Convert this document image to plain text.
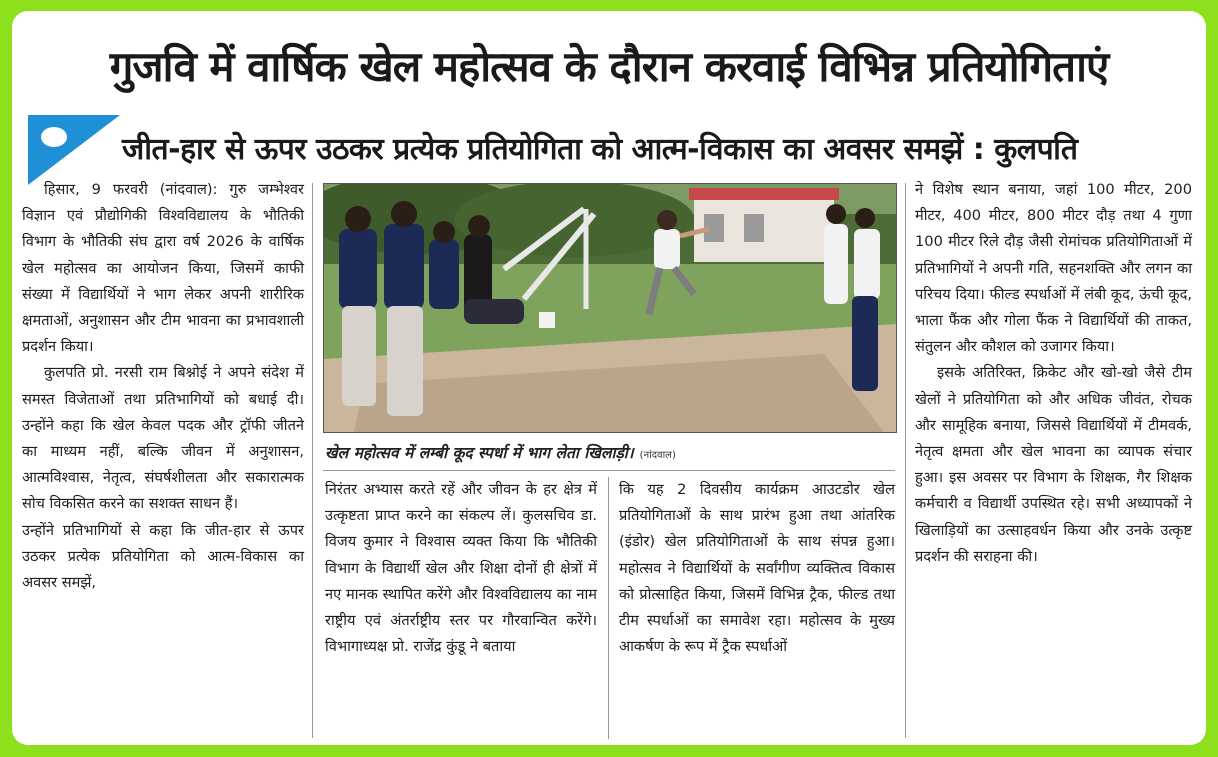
गुजवि में वार्षिक खेल महोत्सव के दौरान करवाई विभिन्न प्रतियोगिताएं
जीत-हार से ऊपर उठकर प्रत्येक प्रतियोगिता को आत्म-विकास का अवसर समझें : कुलपति

हिसार, 9 फरवरी (नांदवाल): गुरु जम्भेश्वर विज्ञान एवं प्रौद्योगिकी विश्वविद्यालय के भौतिकी विभाग के भौतिकी संघ द्वारा वर्ष 2026 के वार्षिक खेल महोत्सव का आयोजन किया, जिसमें काफी संख्या में विद्यार्थियों ने भाग लेकर अपनी शारीरिक क्षमताओं, अनुशासन और टीम भावना का प्रभावशाली प्रदर्शन किया।

कुलपति प्रो. नरसी राम बिश्नोई ने अपने संदेश में समस्त विजेताओं तथा प्रतिभागियों को बधाई दी। उन्होंने कहा कि खेल केवल पदक और ट्रॉफी जीतने का माध्यम नहीं, बल्कि जीवन में अनुशासन, आत्मविश्वास, नेतृत्व, संघर्षशीलता और सकारात्मक सोच विकसित करने का सशक्त साधन हैं।

उन्होंने प्रतिभागियों से कहा कि जीत-हार से ऊपर उठकर प्रत्येक प्रतियोगिता को आत्म-विकास का अवसर समझें,

खेल महोत्सव में लम्बी कूद स्पर्धा में भाग लेता खिलाड़ी। (नांदवाल)

निरंतर अभ्यास करते रहें और जीवन के हर क्षेत्र में उत्कृष्टता प्राप्त करने का संकल्प लें। कुलसचिव डा. विजय कुमार ने विश्वास व्यक्त किया कि भौतिकी विभाग के विद्यार्थी खेल और शिक्षा दोनों ही क्षेत्रों में नए मानक स्थापित करेंगे और विश्वविद्यालय का नाम राष्ट्रीय एवं अंतर्राष्ट्रीय स्तर पर गौरवान्वित करेंगे। विभागाध्यक्ष प्रो. राजेंद्र कुंडू ने बताया

कि यह 2 दिवसीय कार्यक्रम आउटडोर खेल प्रतियोगिताओं के साथ प्रारंभ हुआ तथा आंतरिक (इंडोर) खेल प्रतियोगिताओं के साथ संपन्न हुआ। महोत्सव ने विद्यार्थियों के सर्वांगीण व्यक्तित्व विकास को प्रोत्साहित किया, जिसमें विभिन्न ट्रैक, फील्ड तथा टीम स्पर्धाओं का समावेश रहा। महोत्सव के मुख्य आकर्षण के रूप में ट्रैक स्पर्धाओं

ने विशेष स्थान बनाया, जहां 100 मीटर, 200 मीटर, 400 मीटर, 800 मीटर दौड़ तथा 4 गुणा 100 मीटर रिले दौड़ जैसी रोमांचक प्रतियोगिताओं में प्रतिभागियों ने अपनी गति, सहनशक्ति और लगन का परिचय दिया। फील्ड स्पर्धाओं में लंबी कूद, ऊंची कूद, भाला फैंक और गोला फैंक ने विद्यार्थियों की ताकत, संतुलन और कौशल को उजागर किया।

इसके अतिरिक्त, क्रिकेट और खो-खो जैसे टीम खेलों ने प्रतियोगिता को और अधिक जीवंत, रोचक और सामूहिक बनाया, जिससे विद्यार्थियों में टीमवर्क, नेतृत्व क्षमता और खेल भावना का व्यापक संचार हुआ। इस अवसर पर विभाग के शिक्षक, गैर शिक्षक कर्मचारी व विद्यार्थी उपस्थित रहे। सभी अध्यापकों ने खिलाड़ियों का उत्साहवर्धन किया और उनके उत्कृष्ट प्रदर्शन की सराहना की।
